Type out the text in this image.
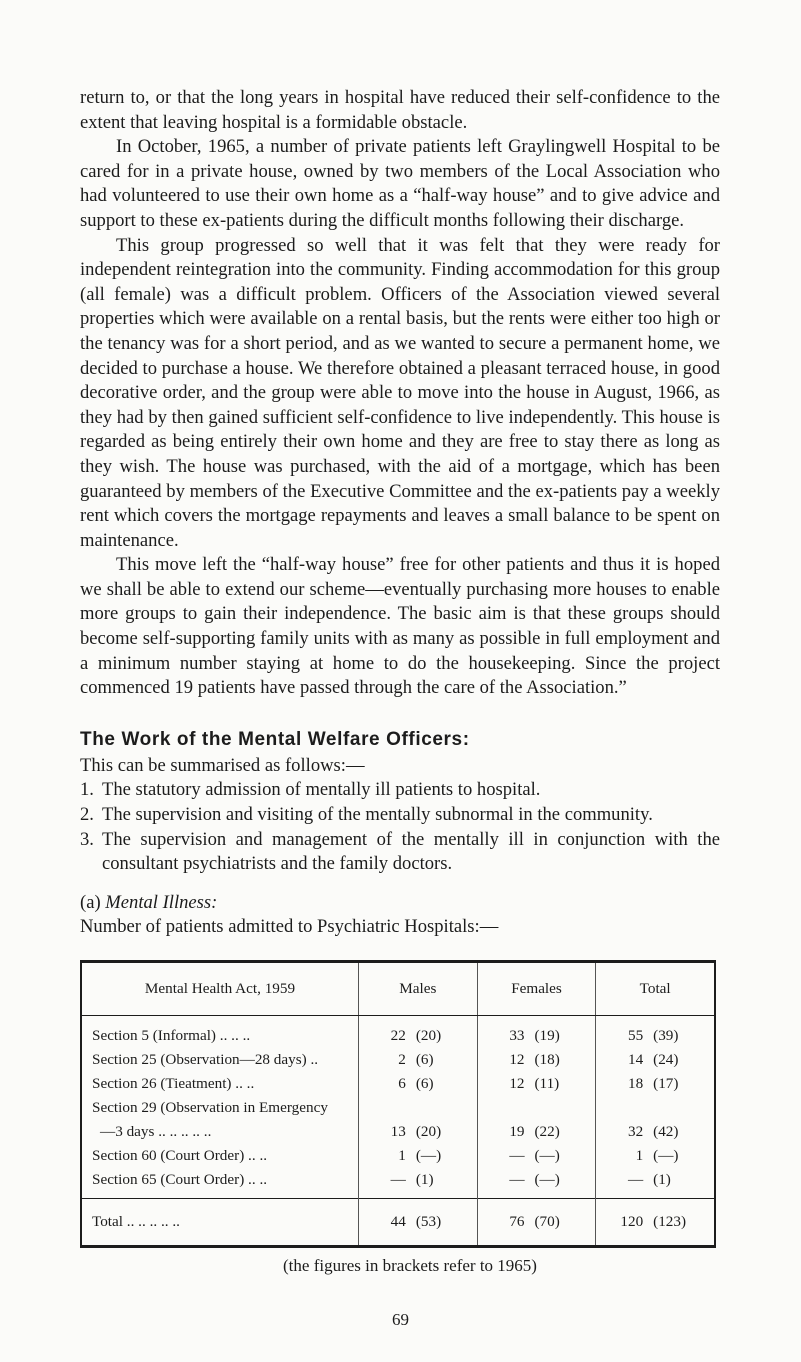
return to, or that the long years in hospital have reduced their self-confidence to the extent that leaving hospital is a formidable obstacle.

In October, 1965, a number of private patients left Graylingwell Hospital to be cared for in a private house, owned by two members of the Local Association who had volunteered to use their own home as a “half-way house” and to give advice and support to these ex-patients during the difficult months following their discharge.

This group progressed so well that it was felt that they were ready for independent reintegration into the community. Finding accommodation for this group (all female) was a difficult problem. Officers of the Association viewed several properties which were available on a rental basis, but the rents were either too high or the tenancy was for a short period, and as we wanted to secure a permanent home, we decided to purchase a house. We therefore obtained a pleasant terraced house, in good decorative order, and the group were able to move into the house in August, 1966, as they had by then gained sufficient self-confidence to live independently. This house is regarded as being entirely their own home and they are free to stay there as long as they wish. The house was purchased, with the aid of a mortgage, which has been guaranteed by members of the Executive Committee and the ex-patients pay a weekly rent which covers the mortgage repayments and leaves a small balance to be spent on maintenance.

This move left the “half-way house” free for other patients and thus it is hoped we shall be able to extend our scheme—eventually purchasing more houses to enable more groups to gain their independence. The basic aim is that these groups should become self-supporting family units with as many as possible in full employment and a minimum number staying at home to do the housekeeping. Since the project commenced 19 patients have passed through the care of the Association.”

The Work of the Mental Welfare Officers:

This can be summarised as follows:—

1. The statutory admission of mentally ill patients to hospital.
2. The supervision and visiting of the mentally subnormal in the community.
3. The supervision and management of the mentally ill in conjunction with the consultant psychiatrists and the family doctors.

(a) Mental Illness:

Number of patients admitted to Psychiatric Hospitals:—

Mental Health Act, 1959	Males	Females	Total
Section 5 (Informal) .. .. ..	22 (20)	33 (19)	55 (39)

Section 25 (Observation—28 days) ..	2 (6)	12 (18)	14 (24)

Section 26 (Tieatment) .. ..	6 (6)	12 (11)	18 (17)

Section 29 (Observation in Emergency			
—3 days .. .. .. .. ..	13 (20)	19 (22)	32 (42)

Section 60 (Court Order) .. ..	1 (—)	— (—)	1 (—)

Section 65 (Court Order) .. ..	— (1)	— (—)	— (1)

Total .. .. .. .. ..	44 (53)	76 (70)	120 (123)
(the figures in brackets refer to 1965)
69
